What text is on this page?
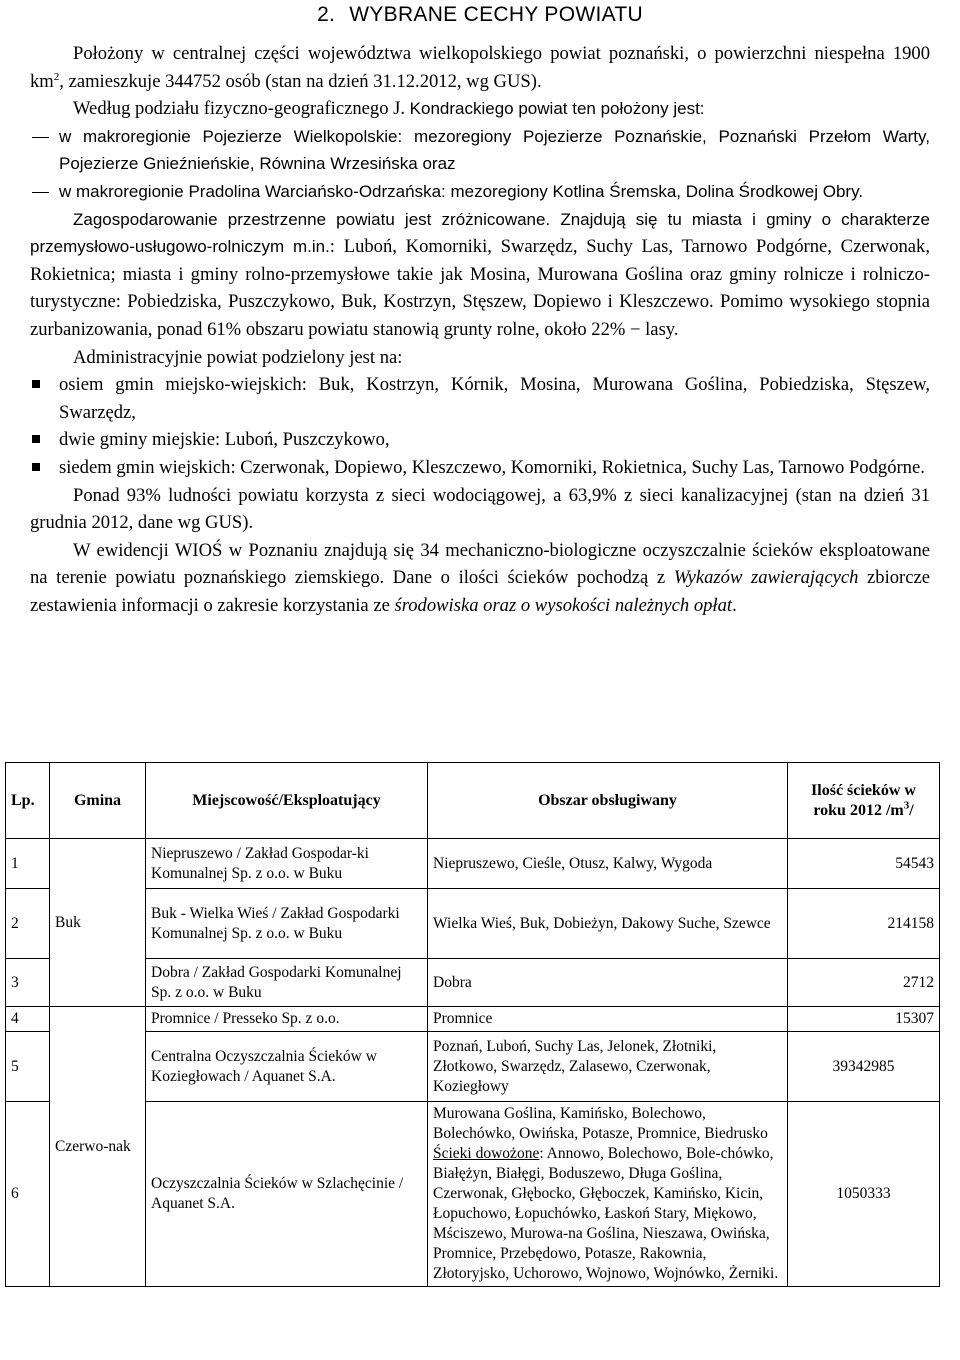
2. WYBRANE CECHY POWIATU

Położony w centralnej części województwa wielkopolskiego powiat poznański, o powierzchni niespełna 1900 $km^2$, zamieszkuje 344752 osób (stan na dzień 31.12.2012, wg GUS).

Według podziału fizyczno-geograficznego J. Kondrackiego powiat ten położony jest:

w makroregionie Pojezierze Wielkopolskie: mezoregiony Pojezierze Poznańskie, Poznański Przełom Warty, Pojezierze Gnieźnieńskie, Równina Wrzesińska oraz
w makroregionie Pradolina Warciańsko-Odrzańska: mezoregiony Kotlina Śremska, Dolina Środkowej Obry.

Zagospodarowanie przestrzenne powiatu jest zróżnicowane. Znajdują się tu miasta i gminy o charakterze przemysłowo-usługowo-rolniczym m.in.: Luboń, Komorniki, Swarzędz, Suchy Las, Tarnowo Podgórne, Czerwonak, Rokietnica; miasta i gminy rolno-przemysłowe takie jak Mosina, Murowana Goślina oraz gminy rolnicze i rolniczo-turystyczne: Pobiedziska, Puszczykowo, Buk, Kostrzyn, Stęszew, Dopiewo i Kleszczewo. Pomimo wysokiego stopnia zurbanizowania, ponad 61% obszaru powiatu stanowią grunty rolne, około 22% − lasy.

Administracyjnie powiat podzielony jest na:

osiem gmin miejsko-wiejskich: Buk, Kostrzyn, Kórnik, Mosina, Murowana Goślina, Pobiedziska, Stęszew, Swarzędz,
dwie gminy miejskie: Luboń, Puszczykowo,
siedem gmin wiejskich: Czerwonak, Dopiewo, Kleszczewo, Komorniki, Rokietnica, Suchy Las, Tarnowo Podgórne.

Ponad 93% ludności powiatu korzysta z sieci wodociągowej, a 63,9% z sieci kanalizacyjnej (stan na dzień 31 grudnia 2012, dane wg GUS).

W ewidencji WIOŚ w Poznaniu znajdują się 34 mechaniczno-biologiczne oczyszczalnie ścieków eksploatowane na terenie powiatu poznańskiego ziemskiego. Dane o ilości ścieków pochodzą z Wykazów zawierających zbiorcze zestawienia informacji o zakresie korzystania ze środowiska oraz o wysokości należnych opłat.

Lp.	Gmina	Miejscowość/Eksploatujący	Obszar obsługiwany	Ilość ścieków w roku 2012 $/m^3/$
1	Buk	Niepruszewo / Zakład Gospodar-ki Komunalnej Sp. z o.o. w Buku	Niepruszewo, Cieśle, Otusz, Kalwy, Wygoda	54543
2		Buk - Wielka Wieś / Zakład Gospodarki Komunalnej Sp. z o.o. w Buku	Wielka Wieś, Buk, Dobieżyn, Dakowy Suche, Szewce	214158
3		Dobra / Zakład Gospodarki Komunalnej Sp. z o.o. w Buku	Dobra	2712
4	Czerwo-nak	Promnice / Presseko Sp. z o.o.	Promnice	15307
5		Centralna Oczyszczalnia Ścieków w Koziegłowach / Aquanet S.A.	Poznań, Luboń, Suchy Las, Jelonek, Złotniki, Złotkowo, Swarzędz, Zalasewo, Czerwonak, Koziegłowy	39342985
6		Oczyszczalnia Ścieków w Szlachęcinie / Aquanet S.A.	Murowana Goślina, Kamińsko, Bolechowo, Bolechówko, Owińska, Potasze, Promnice, Biedrusko
Ścieki dowożone: Annowo, Bolechowo, Bole-chówko, Białężyn, Białęgi, Boduszewo, Długa Goślina, Czerwonak, Głębocko, Głęboczek, Kamińsko, Kicin, Łopuchowo, Łopuchówko, Łaskoń Stary, Miękowo, Mściszewo, Murowa-na Goślina, Nieszawa, Owińska, Promnice, Przebędowo, Potasze, Rakownia, Złotoryjsko, Uchorowo, Wojnowo, Wojnówko, Żerniki.	1050333
